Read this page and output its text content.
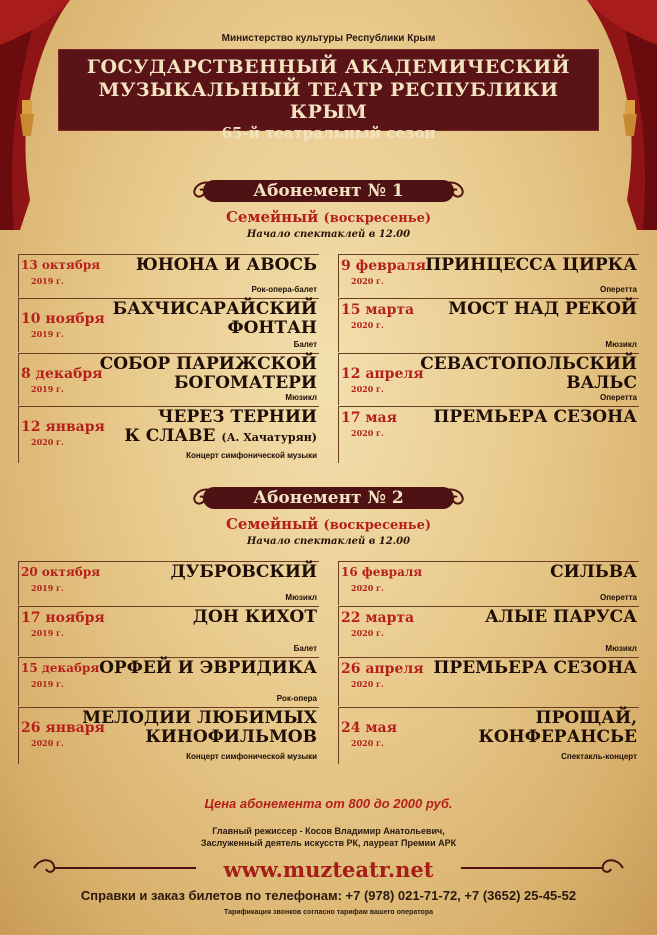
Министерство культуры Республики Крым
ГОСУДАРСТВЕННЫЙ АКАДЕМИЧЕСКИЙ
МУЗЫКАЛЬНЫЙ ТЕАТР РЕСПУБЛИКИ КРЫМ
65-й театральный сезон
Абонемент № 1
Семейный (воскресенье)
Начало спектаклей в 12.00
13 октября
2019 г.
ЮНОНА И АВОСЬ
Рок-опера-балет
9 февраля
2020 г.
ПРИНЦЕССА ЦИРКА
Оперетта
10 ноября
2019 г.
БАХЧИСАРАЙСКИЙ
ФОНТАН
Балет
15 марта
2020 г.
МОСТ НАД РЕКОЙ
Мюзикл
8 декабря
2019 г.
СОБОР ПАРИЖСКОЙ
БОГОМАТЕРИ
Мюзикл
12 апреля
2020 г.
СЕВАСТОПОЛЬСКИЙ
ВАЛЬС
Оперетта
12 января
2020 г.
ЧЕРЕЗ ТЕРНИИ
К СЛАВЕ (А. Хачатурян)
Концерт симфонической музыки
17 мая
2020 г.
ПРЕМЬЕРА СЕЗОНА
Абонемент № 2
Семейный (воскресенье)
Начало спектаклей в 12.00
20 октября
2019 г.
ДУБРОВСКИЙ
Мюзикл
16 февраля
2020 г.
СИЛЬВА
Оперетта
17 ноября
2019 г.
ДОН КИХОТ
Балет
22 марта
2020 г.
АЛЫЕ ПАРУСА
Мюзикл
15 декабря
2019 г.
ОРФЕЙ И ЭВРИДИКА
Рок-опера
26 апреля
2020 г.
ПРЕМЬЕРА СЕЗОНА
26 января
2020 г.
МЕЛОДИИ ЛЮБИМЫХ
КИНОФИЛЬМОВ
Концерт симфонической музыки
24 мая
2020 г.
ПРОЩАЙ,
КОНФЕРАНСЬЕ
Спектакль-концерт
Цена абонемента от 800 до 2000 руб.
Главный режиссер - Косов Владимир Анатольевич,
Заслуженный деятель искусств РК, лауреат Премии АРК
www.muzteatr.net
Справки и заказ билетов по телефонам: +7 (978) 021-71-72, +7 (3652) 25-45-52
Тарификация звонков согласно тарифам вашего оператора
